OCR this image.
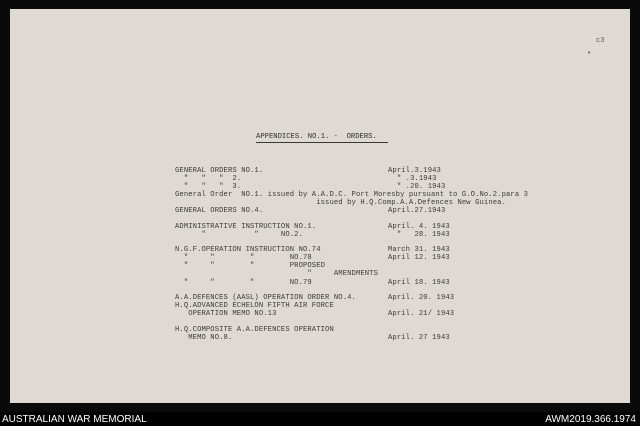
c3
•
APPENDICES. NO.1. -  ORDERS.
GENERAL ORDERS NO.1.	April.3.1943
"   "   "  2.	" .3.1943
"   "   "  3.	" .20. 1943
General Order  NO.1. issued by A.A.D.C. Port Moresby pursuant to G.O.No.2.para 3
issued by H.Q.Comp.A.A.Defences New Guinea.
GENERAL ORDERS NO.4.	April.27.1943
ADMINISTRATIVE INSTRUCTION NO.1.	April. 4. 1943
"           "     NO.2.	"   28. 1943
N.G.F.OPERATION INSTRUCTION NO.74	March 31. 1943
"     "        "        NO.78	April 12. 1943
"     "        "        PROPOSED
"     AMENDMENTS
"     "        "        NO.79	April 18. 1943
A.A.DEFENCES (AASL) OPERATION ORDER NO.4.	April. 20. 1943
H.Q.ADVANCED ECHELON FIFTH AIR FORCE
OPERATION MEMO NO.13	April. 21/ 1943
H.Q.COMPOSITE A.A.DEFENCES OPERATION
MEMO NO.8.	April. 27 1943
AUSTRALIAN WAR MEMORIAL	AWM2019.366.1974
